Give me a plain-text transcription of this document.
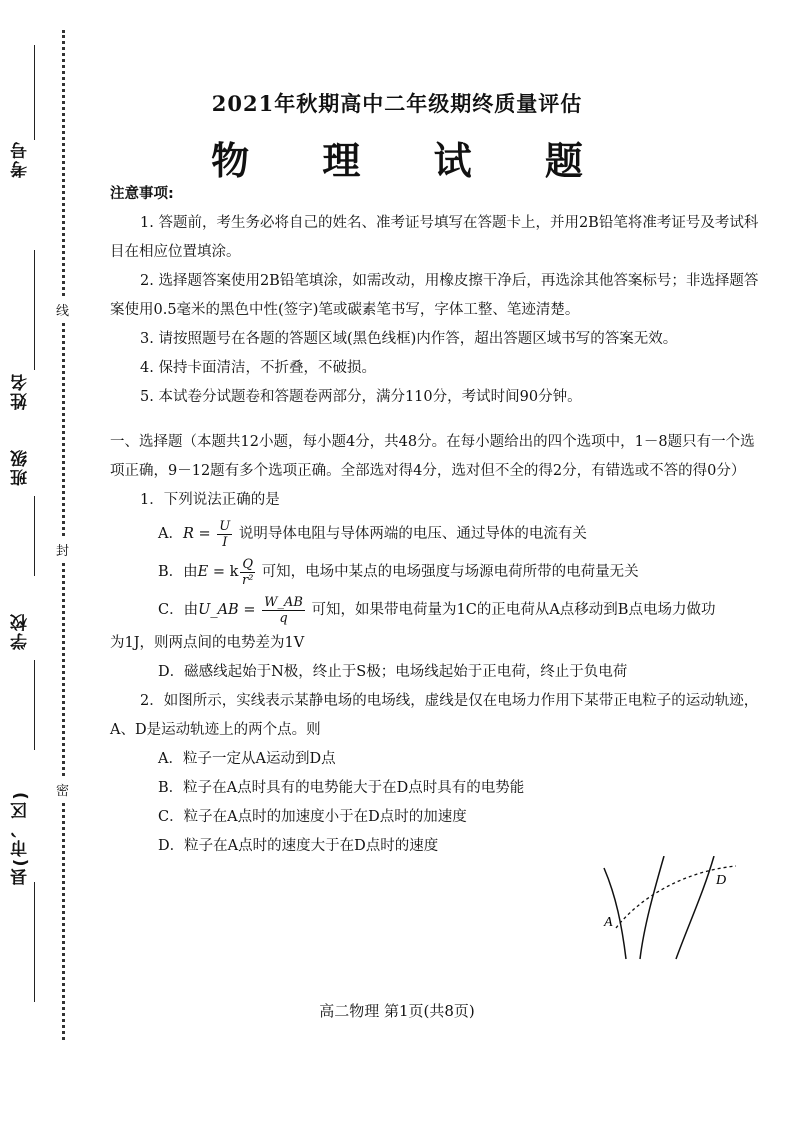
考号
姓名
班级
学校
县(市、区)
线
封
密
2021年秋期高中二年级期终质量评估
物 理 试 题

注意事项:

1. 答题前，考生务必将自己的姓名、准考证号填写在答题卡上，并用2B铅笔将准考证号及考试科目在相应位置填涂。

2. 选择题答案使用2B铅笔填涂，如需改动，用橡皮擦干净后，再选涂其他答案标号；非选择题答案使用0.5毫米的黑色中性(签字)笔或碳素笔书写，字体工整、笔迹清楚。

3. 请按照题号在各题的答题区域(黑色线框)内作答，超出答题区域书写的答案无效。

4. 保持卡面清洁，不折叠，不破损。

5. 本试卷分试题卷和答题卷两部分，满分110分，考试时间90分钟。

一、选择题（本题共12小题，每小题4分，共48分。在每小题给出的四个选项中，1－8题只有一个选项正确，9－12题有多个选项正确。全部选对得4分，选对但不全的得2分，有错选或不答的得0分）

1．下列说法正确的是

A．$R = \frac{U}{I}$ 说明导体电阻与导体两端的电压、通过导体的电流有关

B．由E = k $\frac{Q}{\text{r²}}$ 可知，电场中某点的电场强度与场源电荷所带的电荷量无关

C．由U_AB = $\frac{W\_AB}{q}$ 可知，如果带电荷量为1C的正电荷从A点移动到B点电场力做功

为1J，则两点间的电势差为1V

D．磁感线起始于N极，终止于S极；电场线起始于正电荷，终止于负电荷

2．如图所示，实线表示某静电场的电场线，虚线是仅在电场力作用下某带正电粒子的运动轨迹，A、D是运动轨迹上的两个点。则

A．粒子一定从A运动到D点

B．粒子在A点时具有的电势能大于在D点时具有的电势能

C．粒子在A点时的加速度小于在D点时的加速度

D．粒子在A点时的速度大于在D点时的速度

A
D
高二物理 第1页(共8页)
